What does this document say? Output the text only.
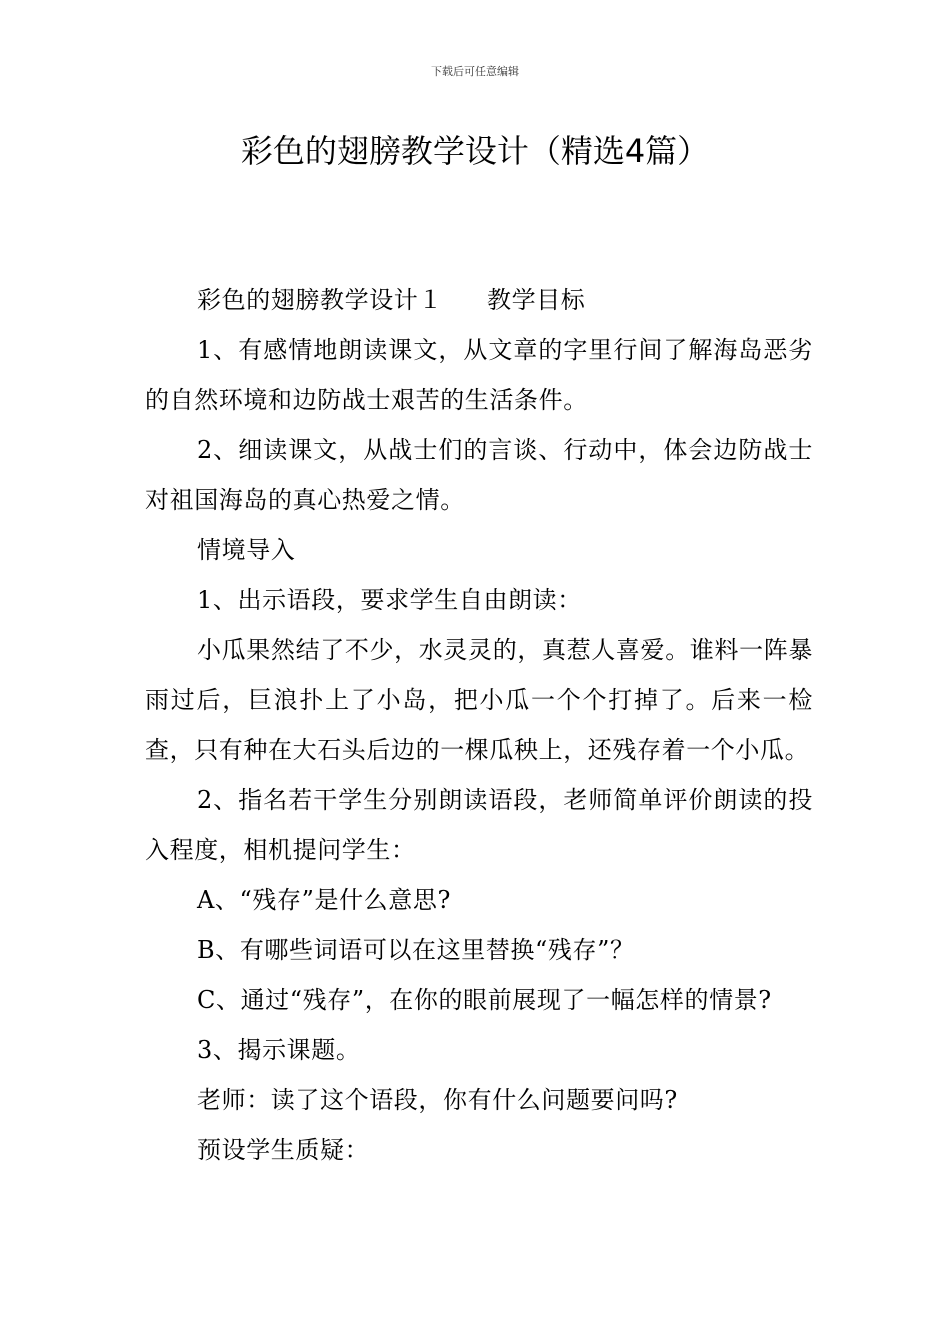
下载后可任意编辑
彩色的翅膀教学设计（精选4篇）

彩色的翅膀教学设计１ 教学目标

1、有感情地朗读课文，从文章的字里行间了解海岛恶劣的自然环境和边防战士艰苦的生活条件。

2、细读课文，从战士们的言谈、行动中，体会边防战士对祖国海岛的真心热爱之情。

情境导入

1、出示语段，要求学生自由朗读：

小瓜果然结了不少，水灵灵的，真惹人喜爱。谁料一阵暴雨过后，巨浪扑上了小岛，把小瓜一个个打掉了。后来一检查，只有种在大石头后边的一棵瓜秧上，还残存着一个小瓜。

2、指名若干学生分别朗读语段，老师简单评价朗读的投入程度，相机提问学生：

A、“残存”是什么意思?

B、有哪些词语可以在这里替换“残存”？

C、通过“残存”，在你的眼前展现了一幅怎样的情景?

3、揭示课题。

老师：读了这个语段，你有什么问题要问吗?

预设学生质疑：
